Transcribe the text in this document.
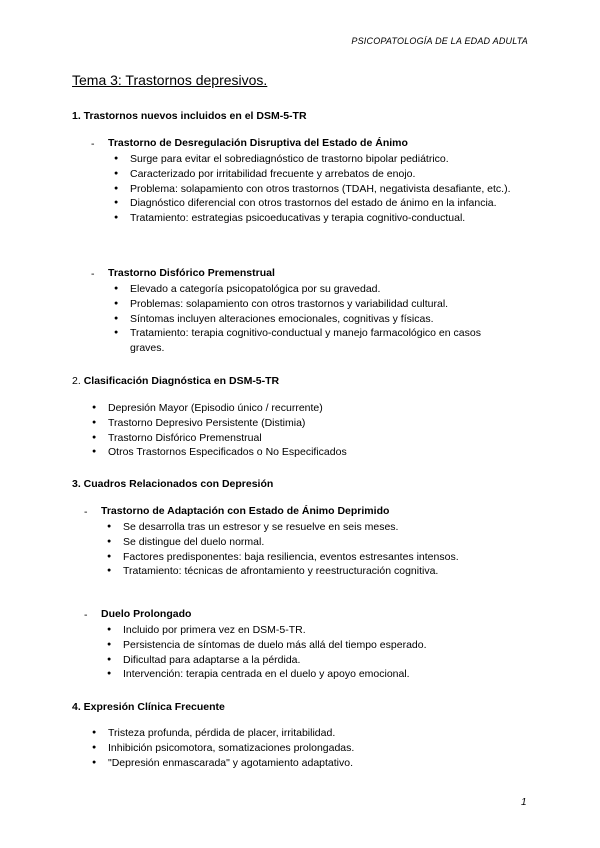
PSICOPATOLOGÍA DE LA EDAD ADULTA
Tema 3: Trastornos depresivos.
1. Trastornos nuevos incluidos en el DSM-5-TR
- Trastorno de Desregulación Disruptiva del Estado de Ánimo
● Surge para evitar el sobrediagnóstico de trastorno bipolar pediátrico.
● Caracterizado por irritabilidad frecuente y arrebatos de enojo.
● Problema: solapamiento con otros trastornos (TDAH, negativista desafiante, etc.).
● Diagnóstico diferencial con otros trastornos del estado de ánimo en la infancia.
● Tratamiento: estrategias psicoeducativas y terapia cognitivo-conductual.
- Trastorno Disfórico Premenstrual
● Elevado a categoría psicopatológica por su gravedad.
● Problemas: solapamiento con otros trastornos y variabilidad cultural.
● Síntomas incluyen alteraciones emocionales, cognitivas y físicas.
● Tratamiento: terapia cognitivo-conductual y manejo farmacológico en casos graves.
2. Clasificación Diagnóstica en DSM-5-TR
● Depresión Mayor (Episodio único / recurrente)
● Trastorno Depresivo Persistente (Distimia)
● Trastorno Disfórico Premenstrual
● Otros Trastornos Especificados o No Especificados
3. Cuadros Relacionados con Depresión
- Trastorno de Adaptación con Estado de Ánimo Deprimido
● Se desarrolla tras un estresor y se resuelve en seis meses.
● Se distingue del duelo normal.
● Factores predisponentes: baja resiliencia, eventos estresantes intensos.
● Tratamiento: técnicas de afrontamiento y reestructuración cognitiva.
- Duelo Prolongado
● Incluido por primera vez en DSM-5-TR.
● Persistencia de síntomas de duelo más allá del tiempo esperado.
● Dificultad para adaptarse a la pérdida.
● Intervención: terapia centrada en el duelo y apoyo emocional.
4. Expresión Clínica Frecuente
● Tristeza profunda, pérdida de placer, irritabilidad.
● Inhibición psicomotora, somatizaciones prolongadas.
● "Depresión enmascarada" y agotamiento adaptativo.
1
